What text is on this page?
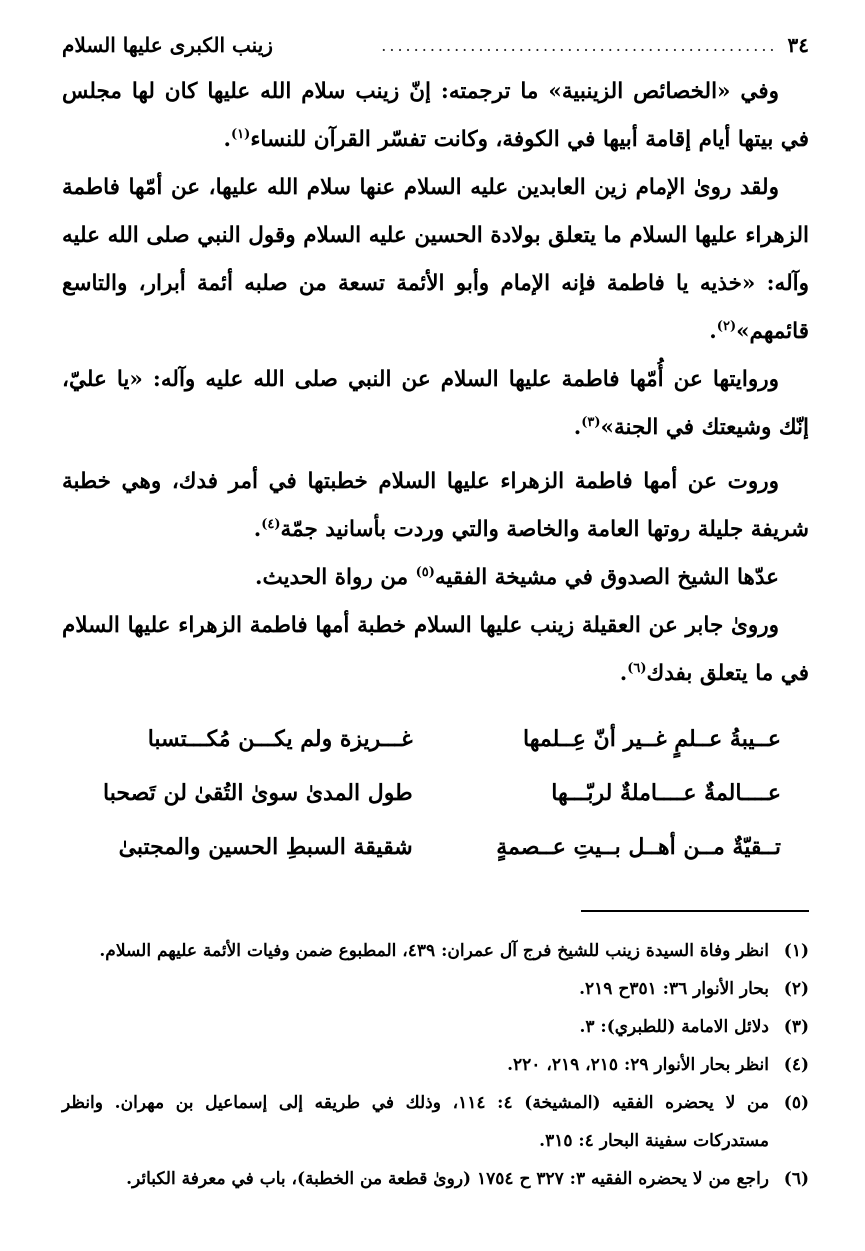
٣٤
.................................................
زينب الكبرى عليها السلام

وفي «الخصائص الزينبية» ما ترجمته: إنّ زينب سلام الله عليها كان لها مجلس في بيتها أيام إقامة أبيها في الكوفة، وكانت تفسّر القرآن للنساء$^{(١)}$.

ولقد روىٰ الإمام زين العابدين عليه السلام عنها سلام الله عليها، عن أمّها فاطمة الزهراء عليها السلام ما يتعلق بولادة الحسين عليه السلام وقول النبي صلى الله عليه وآله: «خذيه يا فاطمة فإنه الإمام وأبو الأئمة تسعة من صلبه أئمة أبرار، والتاسع قائمهم»$^{(٢)}$.

وروايتها عن أُمّها فاطمة عليها السلام عن النبي صلى الله عليه وآله: «يا عليّ، إنّك وشيعتك في الجنة»$^{(٣)}$.

وروت عن أمها فاطمة الزهراء عليها السلام خطبتها في أمر فدك، وهي خطبة شريفة جليلة روتها العامة والخاصة والتي وردت بأسانيد جمّة$^{(٤)}$.

عدّها الشيخ الصدوق في مشيخة الفقيه$^{(٥)}$ من رواة الحديث.

وروىٰ جابر عن العقيلة زينب عليها السلام خطبة أمها فاطمة الزهراء عليها السلام في ما يتعلق بفدك$^{(٦)}$.

عــيبةُ عــلمٍ غــير أنّ عِــلمها
غـــريزة ولم يكـــن مُكـــتسبا
عــــالمةٌ عــــاملةٌ لربّـــها
طول المدىٰ سوىٰ التُقىٰ لن تَصحبا
تــقيّةٌ مــن أهــل بــيتِ عــصمةٍ
شقيقة السبطِ الحسين والمجتبىٰ
(١)
انظر وفاة السيدة زينب للشيخ فرج آل عمران: ٤٣٩، المطبوع ضمن وفيات الأئمة عليهم السلام.
(٢)
بحار الأنوار ٣٦: ٣٥١ح ٢١٩.
(٣)
دلائل الامامة (للطبري): ٣.
(٤)
انظر بحار الأنوار ٢٩: ٢١٥، ٢١٩، ٢٢٠.
(٥)
من لا يحضره الفقيه (المشيخة) ٤: ١١٤، وذلك في طريقه إلى إسماعيل بن مهران. وانظر مستدركات سفينة البحار ٤: ٣١٥.
(٦)
راجع من لا يحضره الفقيه ٣: ٣٢٧ ح ١٧٥٤ (روىٰ قطعة من الخطبة)، باب في معرفة الكبائر.
